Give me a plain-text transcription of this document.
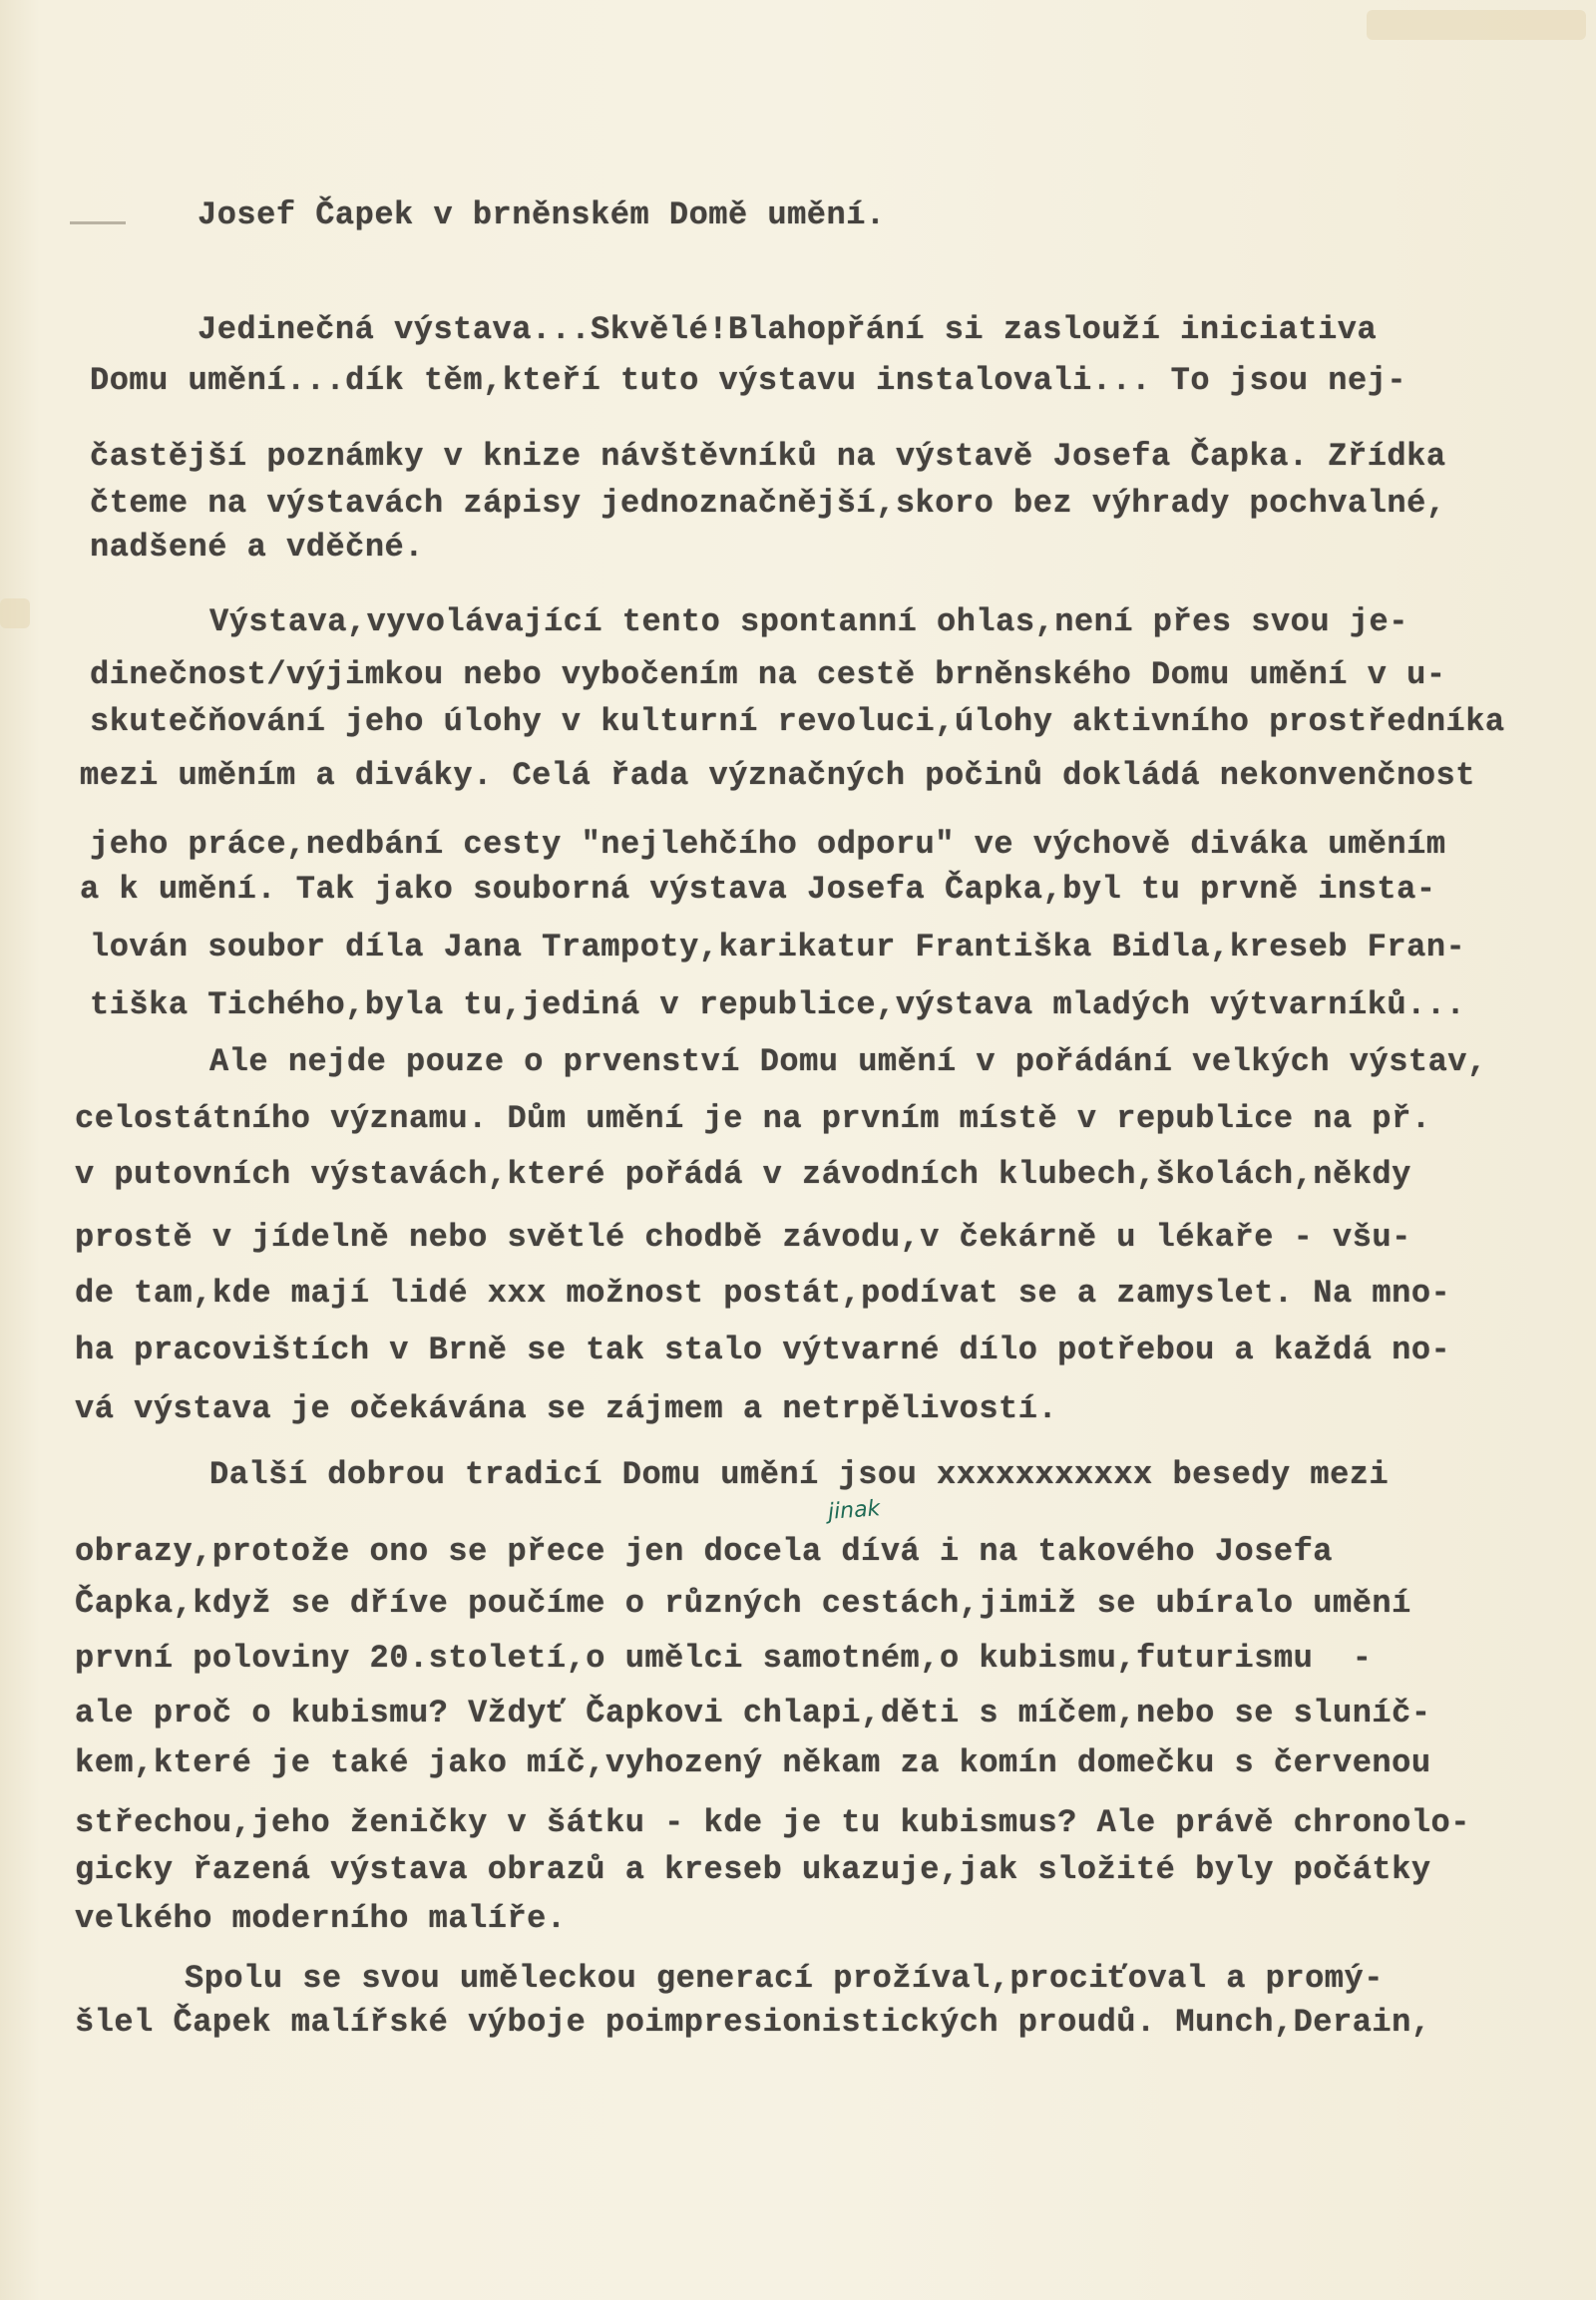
Josef Čapek v brněnském Domě umění.
Jedinečná výstava...Skvělé!Blahopřání si zaslouží iniciativa
Domu umění...dík těm,kteří tuto výstavu instalovali... To jsou nej-
častější poznámky v knize návštěvníků na výstavě Josefa Čapka. Zřídka
čteme na výstavách zápisy jednoznačnější,skoro bez výhrady pochvalné,
nadšené a vděčné.
Výstava,vyvolávající tento spontanní ohlas,není přes svou je-
dinečnost/výjimkou nebo vybočením na cestě brněnského Domu umění v u-
skutečňování jeho úlohy v kulturní revoluci,úlohy aktivního prostředníka
mezi uměním a diváky. Celá řada význačných počinů dokládá nekonvenčnost
jeho práce,nedbání cesty "nejlehčího odporu" ve výchově diváka uměním
a k umění. Tak jako souborná výstava Josefa Čapka,byl tu prvně insta-
lován soubor díla Jana Trampoty,karikatur Františka Bidla,kreseb Fran-
tiška Tichého,byla tu,jediná v republice,výstava mladých výtvarníků...
Ale nejde pouze o prvenství Domu umění v pořádání velkých výstav,
celostátního významu. Dům umění je na prvním místě v republice na př.
v putovních výstavách,které pořádá v závodních klubech,školách,někdy
prostě v jídelně nebo světlé chodbě závodu,v čekárně u lékaře - všu-
de tam,kde mají lidé xxx možnost postát,podívat se a zamyslet. Na mno-
ha pracovištích v Brně se tak stalo výtvarné dílo potřebou a každá no-
vá výstava je očekávána se zájmem a netrpělivostí.
Další dobrou tradicí Domu umění jsou xxxxxxxxxxx besedy mezi
obrazy,protože ono se přece jen docela dívá i na takového Josefa
Čapka,když se dříve poučíme o různých cestách,jimiž se ubíralo umění
první poloviny 20.století,o umělci samotném,o kubismu,futurismu  -
ale proč o kubismu? Vždyť Čapkovi chlapi,děti s míčem,nebo se sluníč-
kem,které je také jako míč,vyhozený někam za komín domečku s červenou
střechou,jeho ženičky v šátku - kde je tu kubismus? Ale právě chronolo-
gicky řazená výstava obrazů a kreseb ukazuje,jak složité byly počátky
velkého moderního malíře.
Spolu se svou uměleckou generací prožíval,prociťoval a promý-
šlel Čapek malířské výboje poimpresionistických proudů. Munch,Derain,
jinak
